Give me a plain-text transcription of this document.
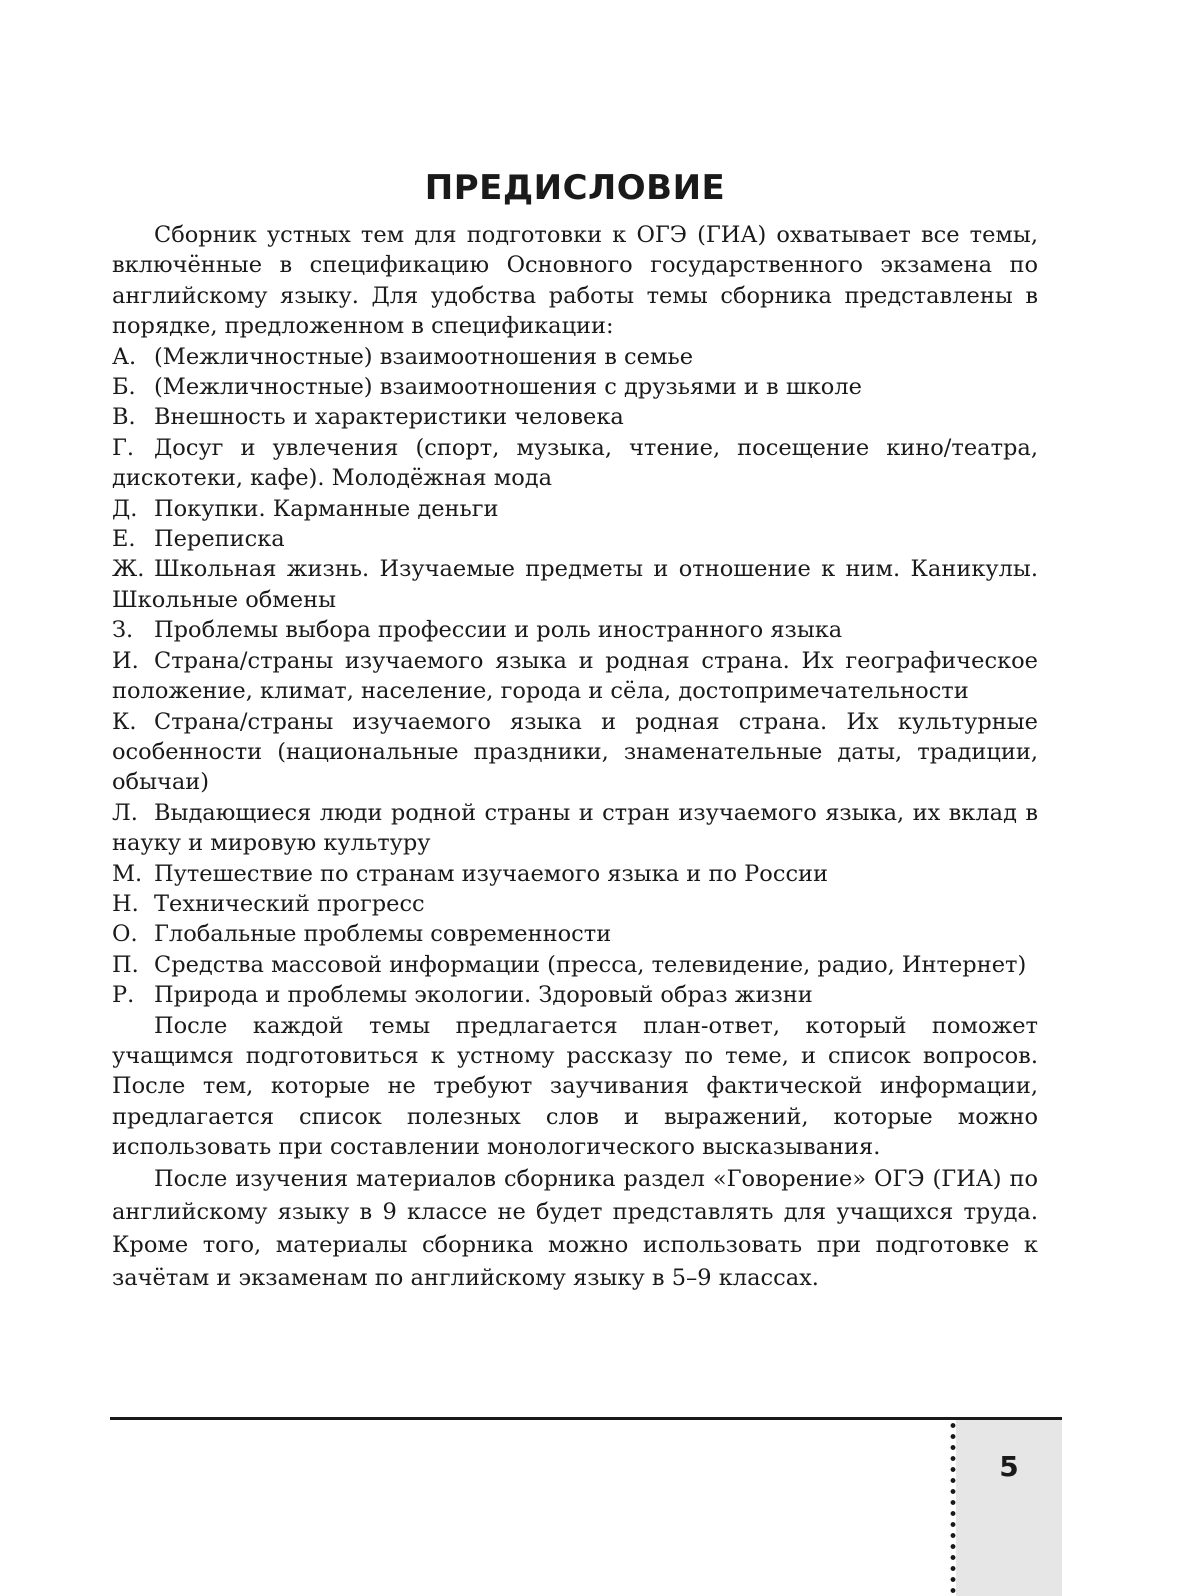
ПРЕДИСЛОВИЕ

Сборник устных тем для подготовки к ОГЭ (ГИА) охватывает все темы, включённые в спецификацию Основного государственного экзамена по английскому языку. Для удобства работы темы сборника представлены в порядке, предложенном в спецификации:

А. (Межличностные) взаимоотношения в семье
Б. (Межличностные) взаимоотношения с друзьями и в школе
В. Внешность и характеристики человека

Г. Досуг и увлечения (спорт, музыка, чтение, посещение кино/театра, дискотеки, кафе). Молодёжная мода

Д. Покупки. Карманные деньги
Е. Переписка

Ж. Школьная жизнь. Изучаемые предметы и отношение к ним. Каникулы. Школьные обмены

З. Проблемы выбора профессии и роль иностранного языка

И. Страна/страны изучаемого языка и родная страна. Их географическое положение, климат, население, города и сёла, достопримечательности

К. Страна/страны изучаемого языка и родная страна. Их культурные особенности (национальные праздники, знаменательные даты, традиции, обычаи)

Л. Выдающиеся люди родной страны и стран изучаемого языка, их вклад в науку и мировую культуру

М. Путешествие по странам изучаемого языка и по России
Н. Технический прогресс
О. Глобальные проблемы современности

П. Средства массовой информации (пресса, телевидение, радио, Интернет)

Р. Природа и проблемы экологии. Здоровый образ жизни

После каждой темы предлагается план-ответ, который поможет учащимся подготовиться к устному рассказу по теме, и список вопросов. После тем, которые не требуют заучивания фактической информации, предлагается список полезных слов и выражений, которые можно использовать при составлении монологического высказывания.

После изучения материалов сборника раздел «Говорение» ОГЭ (ГИА) по английскому языку в 9 классе не будет представлять для учащихся труда. Кроме того, материалы сборника можно использовать при подготовке к зачётам и экзаменам по английскому языку в 5–9 классах.

5
